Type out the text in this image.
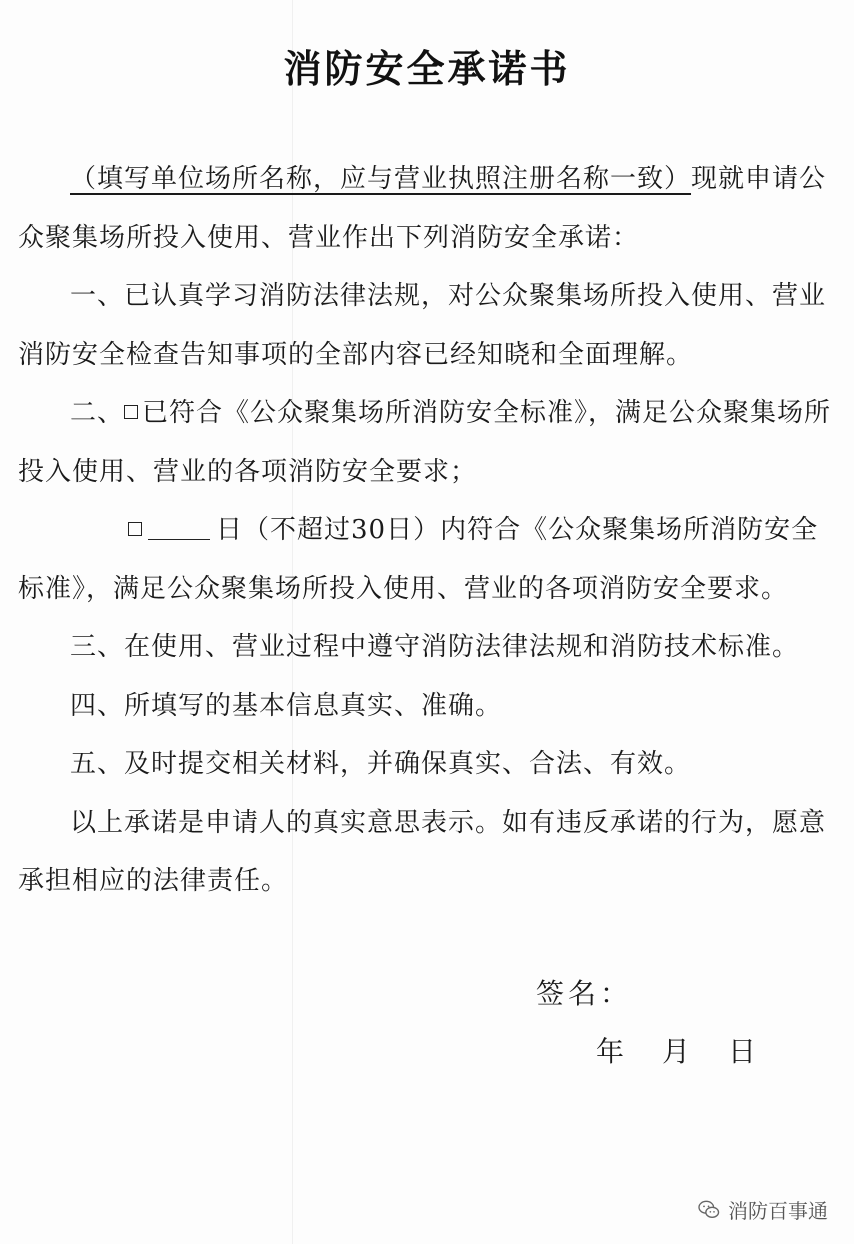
消防安全承诺书

（填写单位场所名称，应与营业执照注册名称一致）现就申请公众聚集场所投入使用、营业作出下列消防安全承诺：

一、已认真学习消防法律法规，对公众聚集场所投入使用、营业消防安全检查告知事项的全部内容已经知晓和全面理解。

二、 已符合《公众聚集场所消防安全标准》，满足公众聚集场所投入使用、营业的各项消防安全要求；

日（不超过30日）内符合《公众聚集场所消防安全标准》，满足公众聚集场所投入使用、营业的各项消防安全要求。

三、在使用、营业过程中遵守消防法律法规和消防技术标准。

四、所填写的基本信息真实、准确。

五、及时提交相关材料，并确保真实、合法、有效。

以上承诺是申请人的真实意思表示。如有违反承诺的行为，愿意承担相应的法律责任。

签名：
年 月 日
消防百事通
